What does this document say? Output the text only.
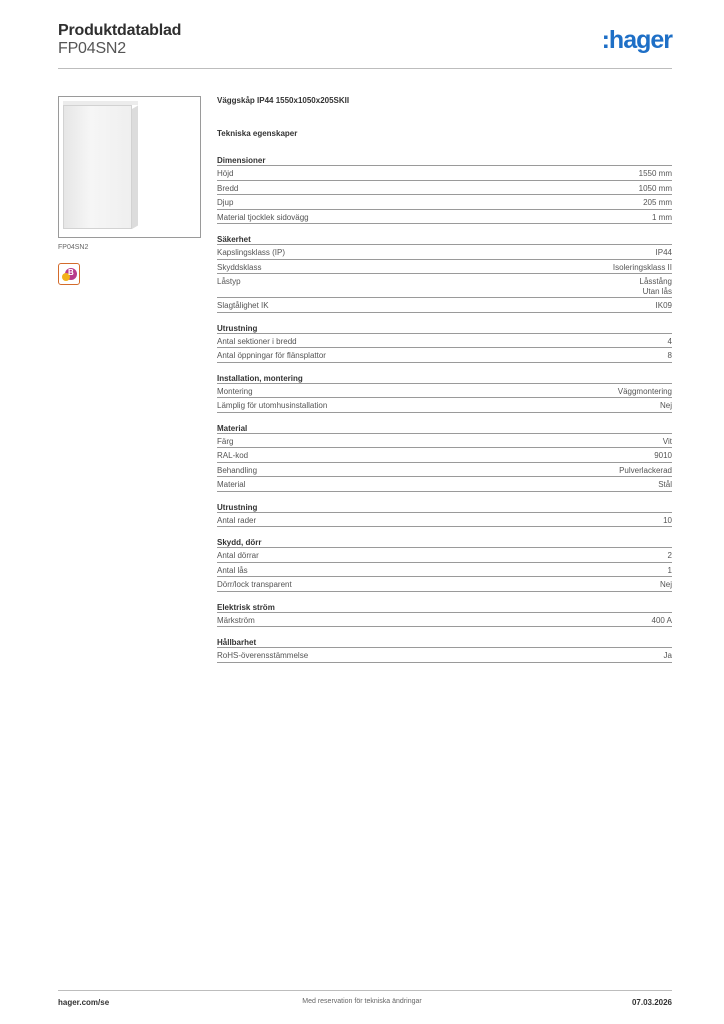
Produktdatablad
FP04SN2	:hager
FP04SN2
B
Väggskåp IP44 1550x1050x205SKII
Tekniska egenskaper
Dimensioner
Höjd	1550 mm
Bredd	1050 mm
Djup	205 mm
Material tjocklek sidovägg	1 mm
Säkerhet
Kapslingsklass (IP)	IP44
Skyddsklass	Isoleringsklass II
Låstyp	Låsstång
Utan lås
Slagtålighet IK	IK09
Utrustning
Antal sektioner i bredd	4
Antal öppningar för flänsplattor	8
Installation, montering
Montering	Väggmontering
Lämplig för utomhusinstallation	Nej
Material
Färg	Vit
RAL-kod	9010
Behandling	Pulverlackerad
Material	Stål
Utrustning
Antal rader	10
Skydd, dörr
Antal dörrar	2
Antal lås	1
Dörr/lock transparent	Nej
Elektrisk ström
Märkström	400 A
Hållbarhet
RoHS-överensstämmelse	Ja
hager.com/se	Med reservation för tekniska ändringar	07.03.2026
